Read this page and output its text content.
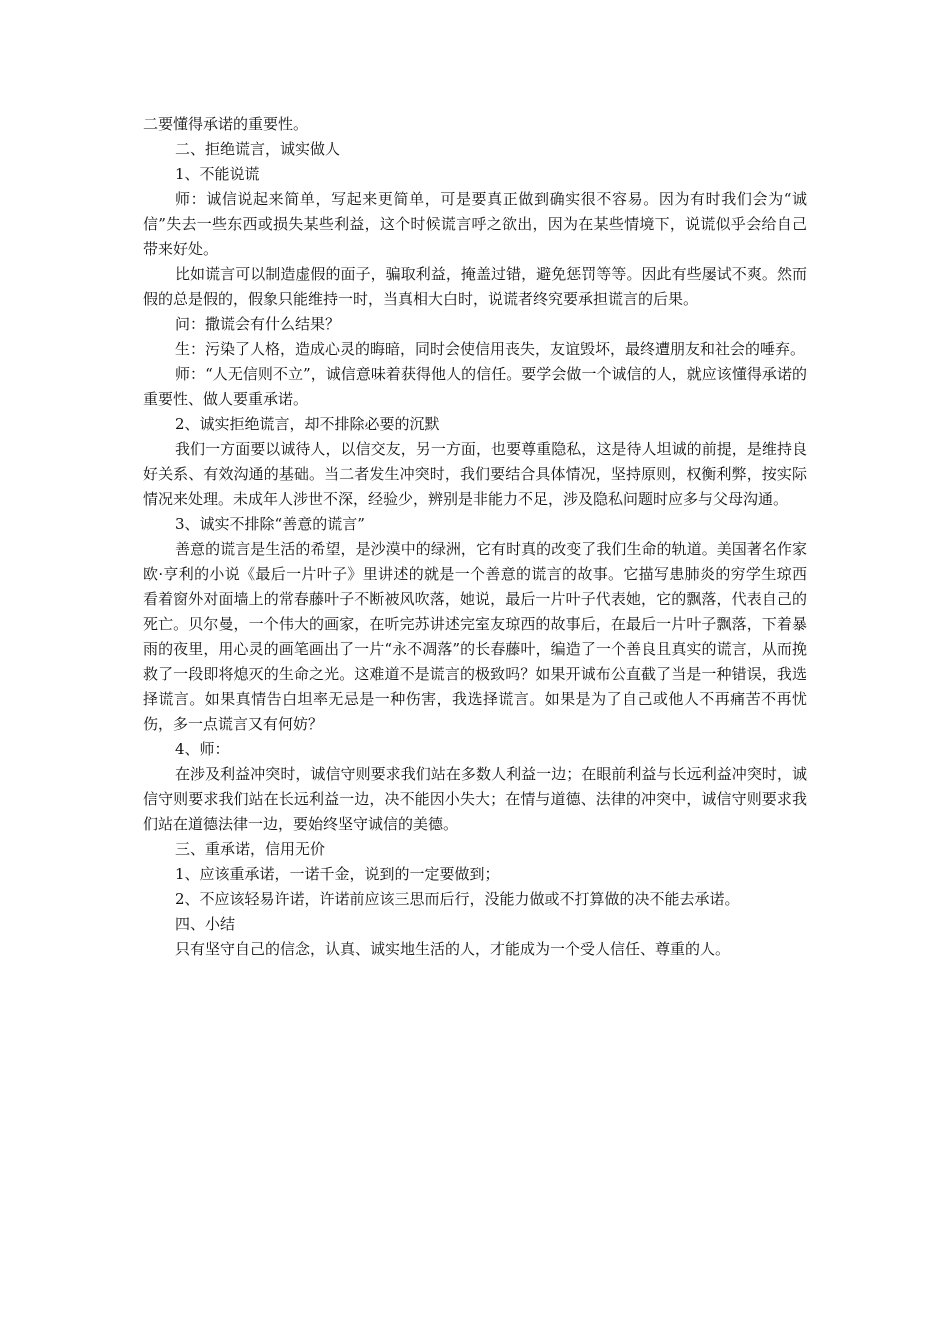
二要懂得承诺的重要性。

二、拒绝谎言，诚实做人

1、不能说谎

师：诚信说起来简单，写起来更简单，可是要真正做到确实很不容易。因为有时我们会为“诚信”失去一些东西或损失某些利益，这个时候谎言呼之欲出，因为在某些情境下，说谎似乎会给自己带来好处。

比如谎言可以制造虚假的面子，骗取利益，掩盖过错，避免惩罚等等。因此有些屡试不爽。然而假的总是假的，假象只能维持一时，当真相大白时，说谎者终究要承担谎言的后果。

问：撒谎会有什么结果？

生：污染了人格，造成心灵的晦暗，同时会使信用丧失，友谊毁坏，最终遭朋友和社会的唾弃。

师：“人无信则不立”，诚信意味着获得他人的信任。要学会做一个诚信的人，就应该懂得承诺的重要性、做人要重承诺。

2、诚实拒绝谎言，却不排除必要的沉默

我们一方面要以诚待人，以信交友，另一方面，也要尊重隐私，这是待人坦诚的前提，是维持良好关系、有效沟通的基础。当二者发生冲突时，我们要结合具体情况，坚持原则，权衡利弊，按实际情况来处理。未成年人涉世不深，经验少，辨别是非能力不足，涉及隐私问题时应多与父母沟通。

3、诚实不排除“善意的谎言”

善意的谎言是生活的希望，是沙漠中的绿洲，它有时真的改变了我们生命的轨道。美国著名作家欧·亨利的小说《最后一片叶子》里讲述的就是一个善意的谎言的故事。它描写患肺炎的穷学生琼西看着窗外对面墙上的常春藤叶子不断被风吹落，她说，最后一片叶子代表她，它的飘落，代表自己的死亡。贝尔曼，一个伟大的画家，在听完苏讲述完室友琼西的故事后，在最后一片叶子飘落，下着暴雨的夜里，用心灵的画笔画出了一片“永不凋落”的长春藤叶，编造了一个善良且真实的谎言，从而挽救了一段即将熄灭的生命之光。这难道不是谎言的极致吗？如果开诚布公直截了当是一种错误，我选择谎言。如果真情告白坦率无忌是一种伤害，我选择谎言。如果是为了自己或他人不再痛苦不再忧伤，多一点谎言又有何妨？

4、师：

在涉及利益冲突时，诚信守则要求我们站在多数人利益一边；在眼前利益与长远利益冲突时，诚信守则要求我们站在长远利益一边，决不能因小失大；在情与道德、法律的冲突中，诚信守则要求我们站在道德法律一边，要始终坚守诚信的美德。

三、重承诺，信用无价

1、应该重承诺，一诺千金，说到的一定要做到；

2、不应该轻易许诺，许诺前应该三思而后行，没能力做或不打算做的决不能去承诺。

四、小结

只有坚守自己的信念，认真、诚实地生活的人，才能成为一个受人信任、尊重的人。
